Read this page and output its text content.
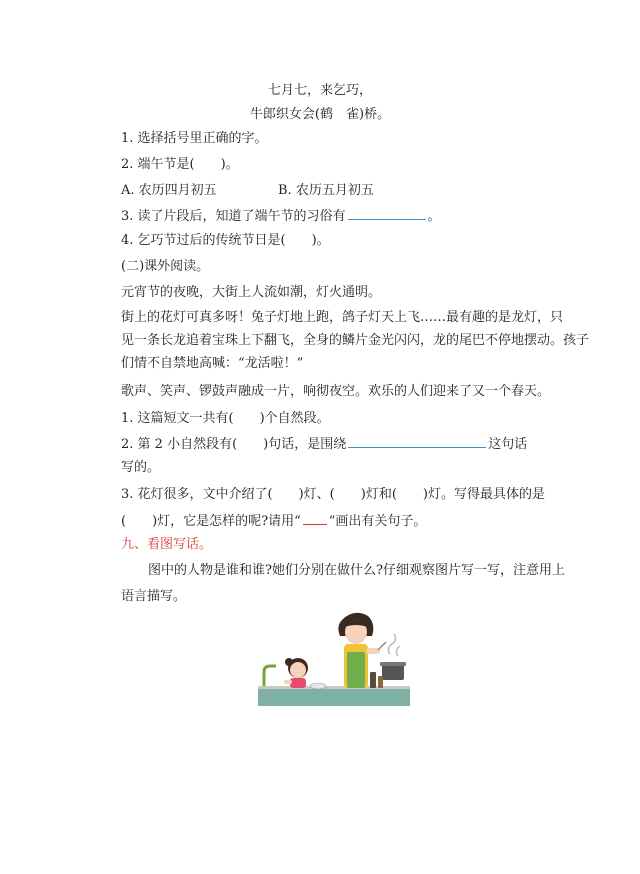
七月七，来乞巧，
牛郎织女会(鹤　雀)桥。
1. 选择括号里正确的字。
2. 端午节是(　　)。
A. 农历四月初五	B. 农历五月初五
3. 读了片段后，知道了端午节的习俗有	。
4. 乞巧节过后的传统节日是(　　)。
(二)课外阅读。
元宵节的夜晚，大街上人流如潮，灯火通明。
街上的花灯可真多呀！兔子灯地上跑，鸽子灯天上飞……最有趣的是龙灯，只
见一条长龙追着宝珠上下翻飞，全身的鳞片金光闪闪，龙的尾巴不停地摆动。孩子
们情不自禁地高喊：“龙活啦！”
歌声、笑声、锣鼓声融成一片，响彻夜空。欢乐的人们迎来了又一个春天。
1. 这篇短文一共有(　　)个自然段。
2. 第 2 小自然段有(　　)句话，是围绕	这句话
写的。
3. 花灯很多，文中介绍了(　　)灯、(　　)灯和(　　)灯。写得最具体的是
(　　)灯，它是怎样的呢?请用“ ”画出有关句子。
九、看图写话。
图中的人物是谁和谁?她们分别在做什么?仔细观察图片写一写，注意用上
语言描写。
